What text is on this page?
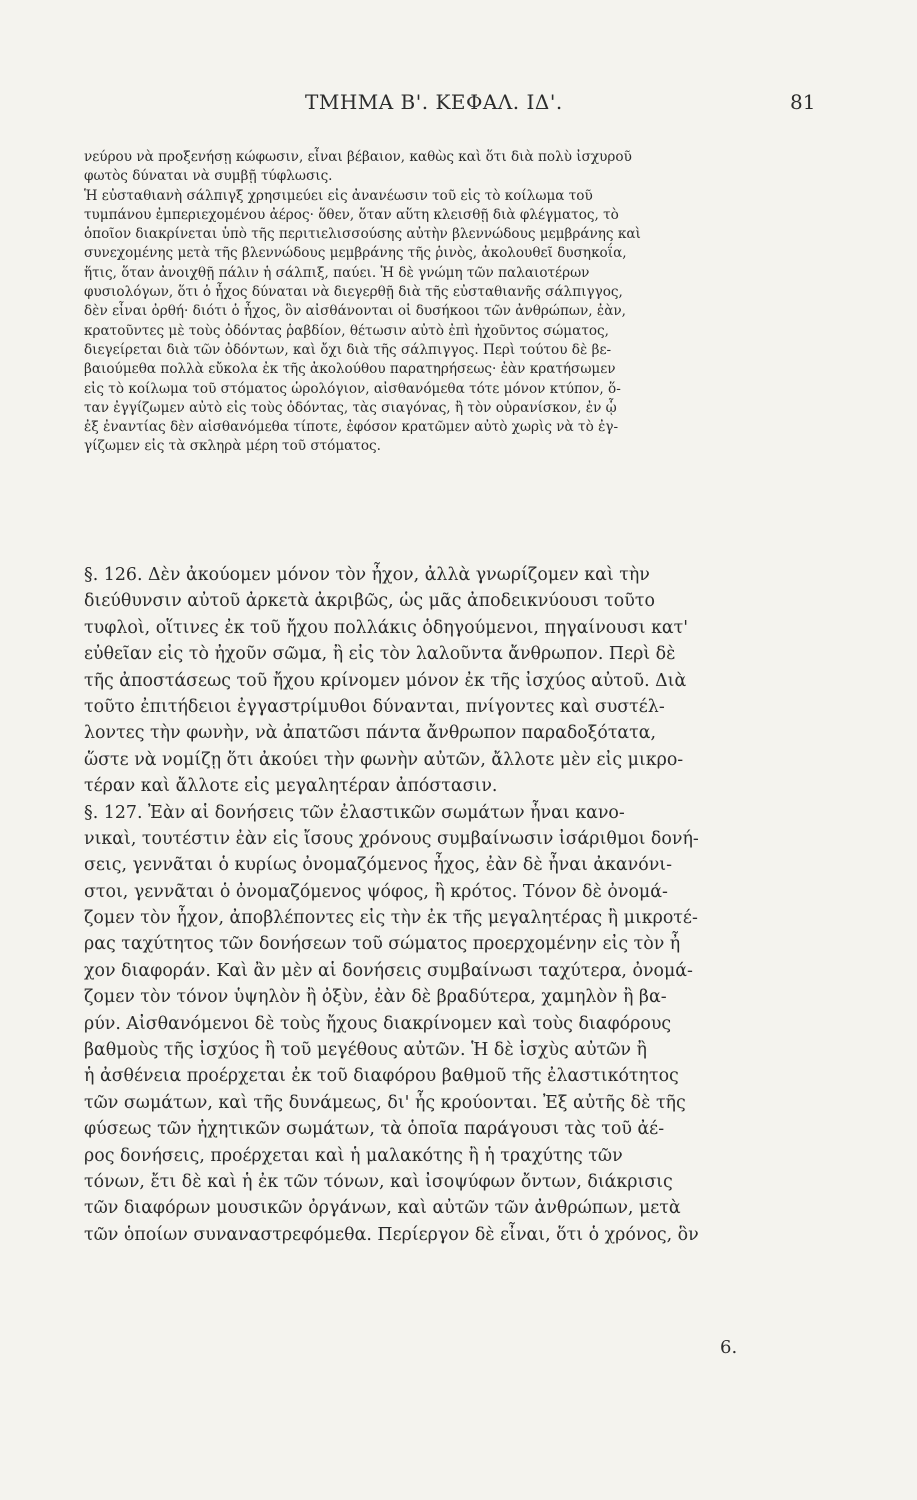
ΤΜΗΜΑ Β'. ΚΕΦΑΛ. ΙΔ'.	81
νεύρου νὰ προξενήσῃ κώφωσιν, εἶναι βέβαιον, καθὼς καὶ ὅτι διὰ πολὺ ἰσχυροῦ
φωτὸς δύναται νὰ συμβῇ τύφλωσις.
Ἡ εὐσταθιανὴ σάλπιγξ χρησιμεύει εἰς ἀνανέωσιν τοῦ εἰς τὸ κοίλωμα τοῦ
τυμπάνου ἐμπεριεχομένου ἀέρος· ὅθεν, ὅταν αὕτη κλεισθῇ διὰ φλέγματος, τὸ
ὁποῖον διακρίνεται ὑπὸ τῆς περιτιελισσούσης αὐτὴν βλεννώδους μεμβράνης καὶ
συνεχομένης μετὰ τῆς βλεννώδους μεμβράνης τῆς ῥινὸς, ἀκολουθεῖ δυσηκοΐα,
ἥτις, ὅταν ἀνοιχθῇ πάλιν ἡ σάλπιξ, παύει. Ἡ δὲ γνώμη τῶν παλαιοτέρων
φυσιολόγων, ὅτι ὁ ἦχος δύναται νὰ διεγερθῇ διὰ τῆς εὐσταθιανῆς σάλπιγγος,
δὲν εἶναι ὀρθή· διότι ὁ ἦχος, ὃν αἰσθάνονται οἱ δυσήκοοι τῶν ἀνθρώπων, ἐὰν,
κρατοῦντες μὲ τοὺς ὀδόντας ῥαβδίον, θέτωσιν αὐτὸ ἐπὶ ἠχοῦντος σώματος,
διεγείρεται διὰ τῶν ὀδόντων, καὶ ὄχι διὰ τῆς σάλπιγγος. Περὶ τούτου δὲ βε-
βαιούμεθα πολλὰ εὔκολα ἐκ τῆς ἀκολούθου παρατηρήσεως· ἐὰν κρατήσωμεν
εἰς τὸ κοίλωμα τοῦ στόματος ὡρολόγιον, αἰσθανόμεθα τότε μόνον κτύπον, ὅ-
ταν ἐγγίζωμεν αὐτὸ εἰς τοὺς ὀδόντας, τὰς σιαγόνας, ἢ τὸν οὐρανίσκον, ἐν ᾧ
ἐξ ἐναντίας δὲν αἰσθανόμεθα τίποτε, ἐφόσον κρατῶμεν αὐτὸ χωρὶς νὰ τὸ ἐγ-
γίζωμεν εἰς τὰ σκληρὰ μέρη τοῦ στόματος.
§. 126. Δὲν ἀκούομεν μόνον τὸν ἦχον, ἀλλὰ γνωρίζομεν καὶ τὴν
διεύθυνσιν αὐτοῦ ἀρκετὰ ἀκριβῶς, ὡς μᾶς ἀποδεικνύουσι τοῦτο
τυφλοὶ, οἵτινες ἐκ τοῦ ἤχου πολλάκις ὁδηγούμενοι, πηγαίνουσι κατ'
εὐθεῖαν εἰς τὸ ἠχοῦν σῶμα, ἢ εἰς τὸν λαλοῦντα ἄνθρωπον. Περὶ δὲ
τῆς ἀποστάσεως τοῦ ἤχου κρίνομεν μόνον ἐκ τῆς ἰσχύος αὐτοῦ. Διὰ
τοῦτο ἐπιτήδειοι ἐγγαστρίμυθοι δύνανται, πνίγοντες καὶ συστέλ-
λοντες τὴν φωνὴν, νὰ ἀπατῶσι πάντα ἄνθρωπον παραδοξότατα,
ὥστε νὰ νομίζῃ ὅτι ἀκούει τὴν φωνὴν αὐτῶν, ἄλλοτε μὲν εἰς μικρο-
τέραν καὶ ἄλλοτε εἰς μεγαλητέραν ἀπόστασιν.
§. 127. Ἐὰν αἱ δονήσεις τῶν ἐλαστικῶν σωμάτων ἦναι κανο-
νικαὶ, τουτέστιν ἐὰν εἰς ἴσους χρόνους συμβαίνωσιν ἰσάριθμοι δονή-
σεις, γεννᾶται ὁ κυρίως ὀνομαζόμενος ἦχος, ἐὰν δὲ ἦναι ἀκανόνι-
στοι, γεννᾶται ὁ ὀνομαζόμενος ψόφος, ἢ κρότος. Τόνον δὲ ὀνομά-
ζομεν τὸν ἦχον, ἀποβλέποντες εἰς τὴν ἐκ τῆς μεγαλητέρας ἢ μικροτέ-
ρας ταχύτητος τῶν δονήσεων τοῦ σώματος προερχομένην εἰς τὸν ἦ
χον διαφοράν. Καὶ ἂν μὲν αἱ δονήσεις συμβαίνωσι ταχύτερα, ὀνομά-
ζομεν τὸν τόνον ὑψηλὸν ἢ ὀξὺν, ἐὰν δὲ βραδύτερα, χαμηλὸν ἢ βα-
ρύν. Αἰσθανόμενοι δὲ τοὺς ἤχους διακρίνομεν καὶ τοὺς διαφόρους
βαθμοὺς τῆς ἰσχύος ἢ τοῦ μεγέθους αὐτῶν. Ἡ δὲ ἰσχὺς αὐτῶν ἢ
ἡ ἀσθένεια προέρχεται ἐκ τοῦ διαφόρου βαθμοῦ τῆς ἐλαστικότητος
τῶν σωμάτων, καὶ τῆς δυνάμεως, δι' ἧς κρούονται. Ἐξ αὐτῆς δὲ τῆς
φύσεως τῶν ἠχητικῶν σωμάτων, τὰ ὁποῖα παράγουσι τὰς τοῦ ἀέ-
ρος δονήσεις, προέρχεται καὶ ἡ μαλακότης ἢ ἡ τραχύτης τῶν
τόνων, ἔτι δὲ καὶ ἡ ἐκ τῶν τόνων, καὶ ἰσοψύφων ὄντων, διάκρισις
τῶν διαφόρων μουσικῶν ὀργάνων, καὶ αὐτῶν τῶν ἀνθρώπων, μετὰ
τῶν ὁποίων συναναστρεφόμεθα. Περίεργον δὲ εἶναι, ὅτι ὁ χρόνος, ὃν
6.
